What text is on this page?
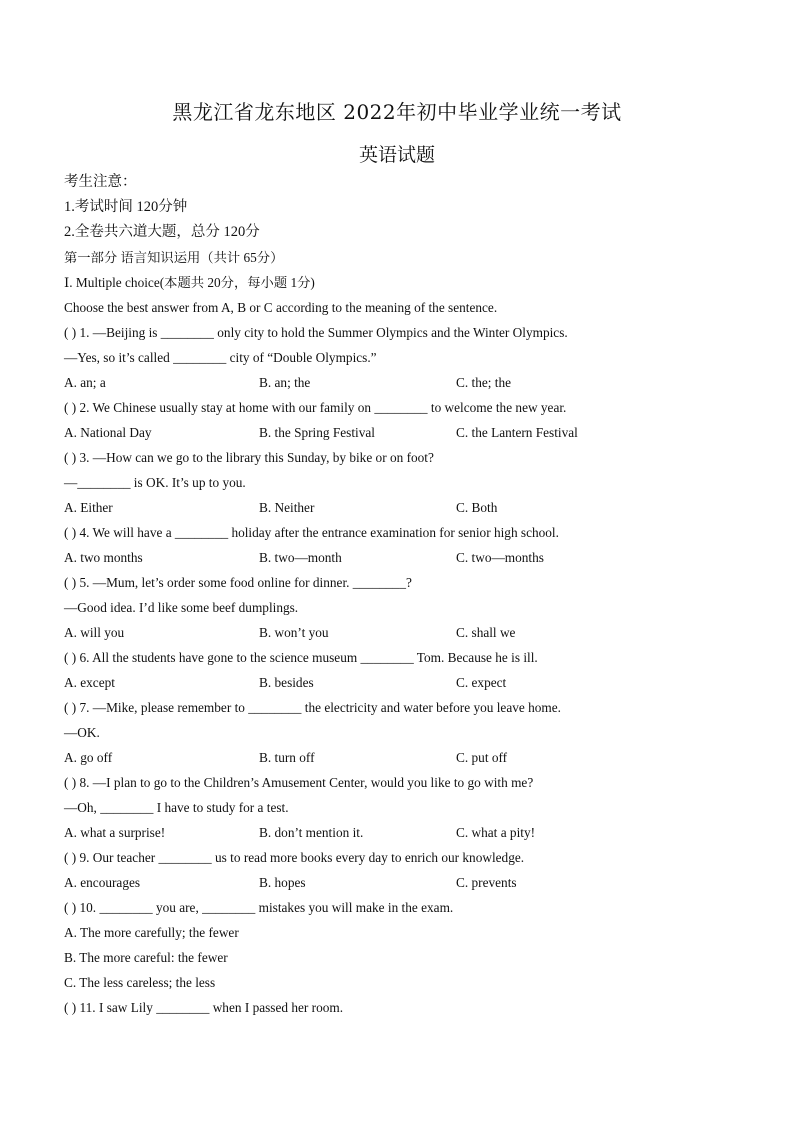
黑龙江省龙东地区 2022年初中毕业学业统一考试
英语试题
考生注意：
1.考试时间 120分钟
2.全卷共六道大题，总分 120分
第一部分 语言知识运用（共计 65分）
Ⅰ. Multiple choice(本题共 20分，每小题 1分)
Choose the best answer from A, B or C according to the meaning of the sentence.
( ) 1. —Beijing is ________ only city to hold the Summer Olympics and the Winter Olympics.
—Yes, so it’s called ________ city of “Double Olympics.”
A. an; a	B. an; the	C. the; the
( ) 2. We Chinese usually stay at home with our family on ________ to welcome the new year.
A. National Day	B. the Spring Festival	C. the Lantern Festival
( ) 3. —How can we go to the library this Sunday, by bike or on foot?
—________ is OK. It’s up to you.
A. Either	B. Neither	C. Both
( ) 4. We will have a ________ holiday after the entrance examination for senior high school.
A. two months	B. two—month	C. two—months
( ) 5. —Mum, let’s order some food online for dinner. ________?
—Good idea. I’d like some beef dumplings.
A. will you	B. won’t you	C. shall we
( ) 6. All the students have gone to the science museum ________ Tom. Because he is ill.
A. except	B. besides	C. expect
( ) 7. —Mike, please remember to ________ the electricity and water before you leave home.
—OK.
A. go off	B. turn off	C. put off
( ) 8. —I plan to go to the Children’s Amusement Center, would you like to go with me?
—Oh, ________ I have to study for a test.
A. what a surprise!	B. don’t mention it.	C. what a pity!
( ) 9. Our teacher ________ us to read more books every day to enrich our knowledge.
A. encourages	B. hopes	C. prevents
( ) 10. ________ you are, ________ mistakes you will make in the exam.
A. The more carefully; the fewer
B. The more careful: the fewer
C. The less careless; the less
( ) 11. I saw Lily ________ when I passed her room.
